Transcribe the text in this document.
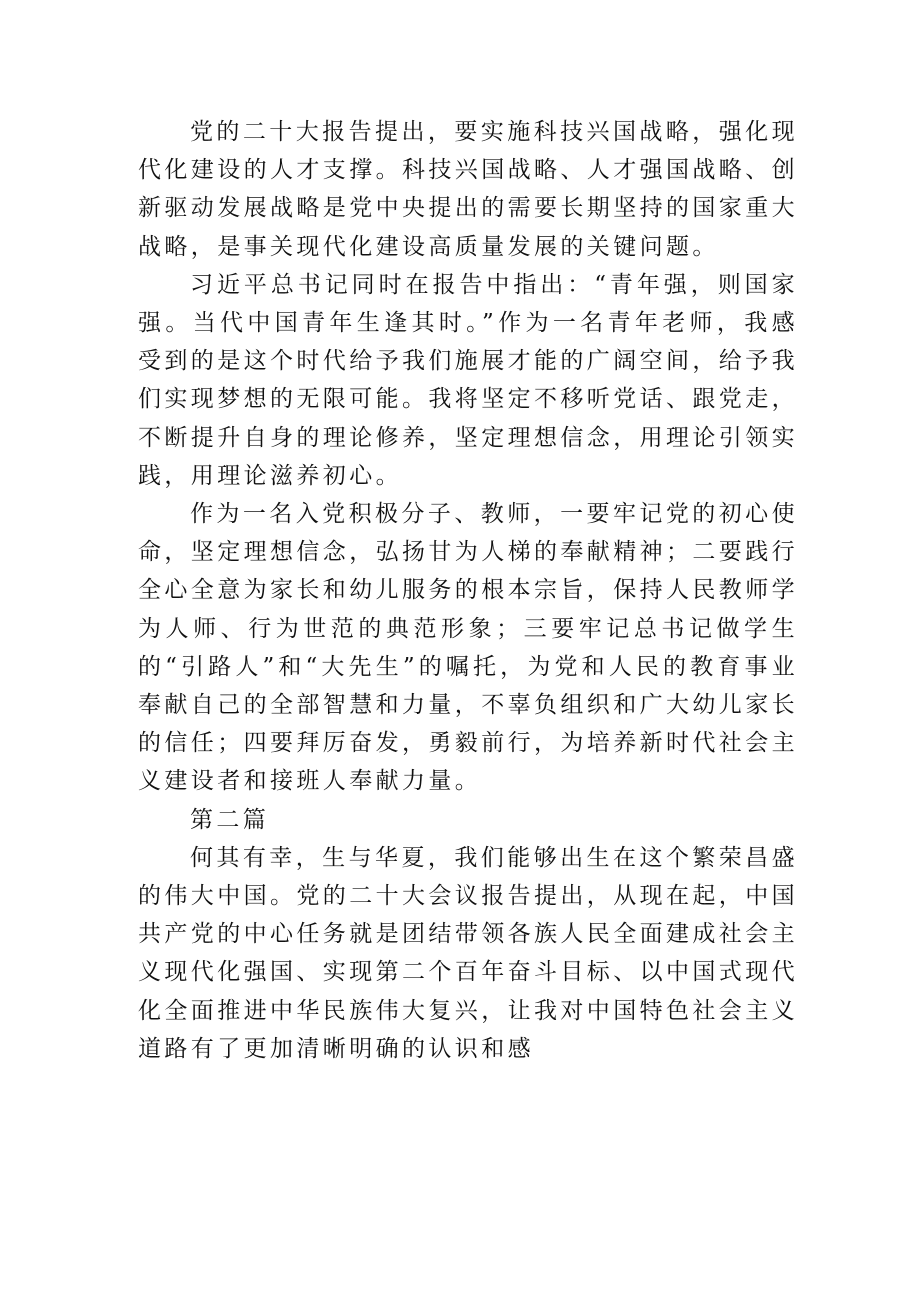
党的二十大报告提出，要实施科技兴国战略，强化现代化建设的人才支撑。科技兴国战略、人才强国战略、创新驱动发展战略是党中央提出的需要长期坚持的国家重大战略，是事关现代化建设高质量发展的关键问题。

习近平总书记同时在报告中指出：“青年强，则国家强。当代中国青年生逢其时。”作为一名青年老师，我感受到的是这个时代给予我们施展才能的广阔空间，给予我们实现梦想的无限可能。我将坚定不移听党话、跟党走，不断提升自身的理论修养，坚定理想信念，用理论引领实践，用理论滋养初心。

作为一名入党积极分子、教师，一要牢记党的初心使命，坚定理想信念，弘扬甘为人梯的奉献精神；二要践行全心全意为家长和幼儿服务的根本宗旨，保持人民教师学为人师、行为世范的典范形象；三要牢记总书记做学生的“引路人”和“大先生”的嘱托，为党和人民的教育事业奉献自己的全部智慧和力量，不辜负组织和广大幼儿家长的信任；四要拜厉奋发，勇毅前行，为培养新时代社会主义建设者和接班人奉献力量。

第二篇

何其有幸，生与华夏，我们能够出生在这个繁荣昌盛的伟大中国。党的二十大会议报告提出，从现在起，中国共产党的中心任务就是团结带领各族人民全面建成社会主义现代化强国、实现第二个百年奋斗目标、以中国式现代化全面推进中华民族伟大复兴，让我对中国特色社会主义道路有了更加清晰明确的认识和感
